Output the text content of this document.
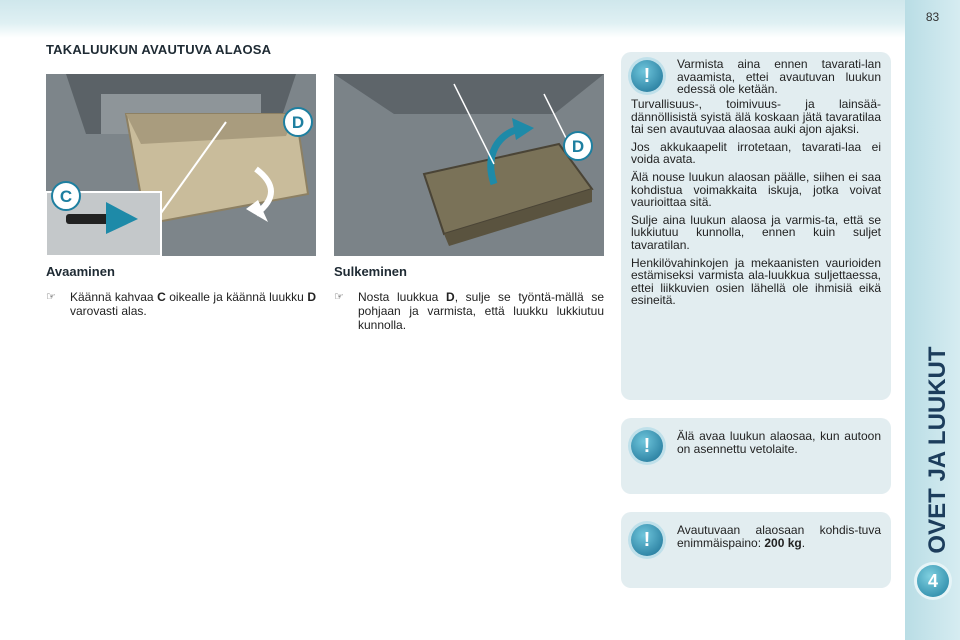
83
OVET JA LUUKUT
4
TAKALUUKUN AVAUTUVA ALAOSA
C
D
D
Avaaminen
☞ Käännä kahvaa C oikealle ja käännä luukku D varovasti alas.
Sulkeminen
☞ Nosta luukkua D, sulje se työntä-mällä se pohjaan ja varmista, että luukku lukkiutuu kunnolla.
!

Varmista aina ennen tavarati-lan avaamista, ettei avautuvan luukun edessä ole ketään.

Turvallisuus-, toimivuus- ja lainsää-dännöllisistä syistä älä koskaan jätä tavaratilaa tai sen avautuvaa alaosaa auki ajon ajaksi.

Jos akkukaapelit irrotetaan, tavarati-laa ei voida avata.

Älä nouse luukun alaosan päälle, siihen ei saa kohdistua voimakkaita iskuja, jotka voivat vaurioittaa sitä.

Sulje aina luukun alaosa ja varmis-ta, että se lukkiutuu kunnolla, ennen kuin suljet tavaratilan.

Henkilövahinkojen ja mekaanisten vaurioiden estämiseksi varmista ala-luukkua suljettaessa, ettei liikkuvien osien lähellä ole ihmisiä eikä esineitä.

!	Älä avaa luukun alaosaa, kun autoon on asennettu vetolaite.
!	Avautuvaan alaosaan kohdis-tuva enimmäispaino: 200 kg.
